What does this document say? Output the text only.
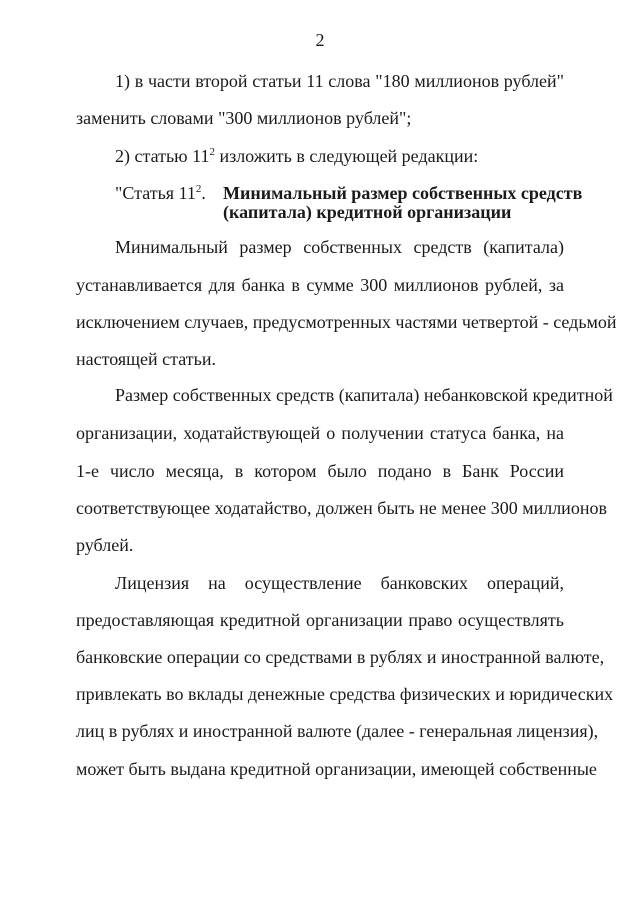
2
1) в части второй статьи 11 слова "180 миллионов рублей"
заменить словами "300 миллионов рублей";
2) статью $11^2$ изложить в следующей редакции:
"Статья $11^2$. Минимальный размер собственных средств
(капитала) кредитной организации
Минимальный размер собственных средств (капитала)
устанавливается для банка в сумме 300 миллионов рублей, за
исключением случаев, предусмотренных частями четвертой - седьмой
настоящей статьи.
Размер собственных средств (капитала) небанковской кредитной
организации, ходатайствующей о получении статуса банка, на
1-е число месяца, в котором было подано в Банк России
соответствующее ходатайство, должен быть не менее 300 миллионов
рублей.
Лицензия на осуществление банковских операций,
предоставляющая кредитной организации право осуществлять
банковские операции со средствами в рублях и иностранной валюте,
привлекать во вклады денежные средства физических и юридических
лиц в рублях и иностранной валюте (далее - генеральная лицензия),
может быть выдана кредитной организации, имеющей собственные
